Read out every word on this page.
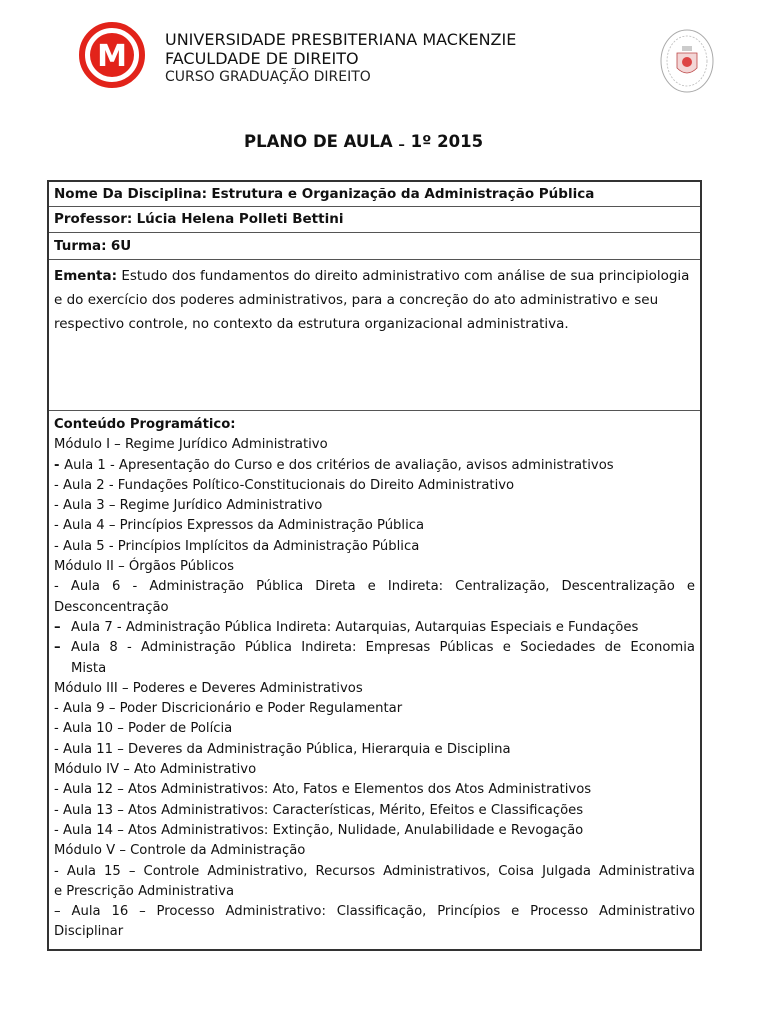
M UNIVERSIDADE PRESBITERIANA MACKENZIE
FACULDADE DE DIREITO
CURSO GRADUAÇÃO DIREITO
PLANO DE AULA – 1º 2015
Nome Da Disciplina: Estrutura e Organização da Administração Pública
Professor: Lúcia Helena Polleti Bettini
Turma: 6U
Ementa: Estudo dos fundamentos do direito administrativo com análise de sua principiologia e do exercício dos poderes administrativos, para a concreção do ato administrativo e seu respectivo controle, no contexto da estrutura organizacional administrativa.
Conteúdo Programático:
Módulo I – Regime Jurídico Administrativo
- Aula 1 - Apresentação do Curso e dos critérios de avaliação, avisos administrativos
- Aula 2 - Fundações Político-Constitucionais do Direito Administrativo
- Aula 3 – Regime Jurídico Administrativo
- Aula 4 – Princípios Expressos da Administração Pública
- Aula 5 - Princípios Implícitos da Administração Pública
Módulo II – Órgãos Públicos
- Aula 6 - Administração Pública Direta e Indireta: Centralização, Descentralização e
Desconcentração
– Aula 7 - Administração Pública Indireta: Autarquias, Autarquias Especiais e Fundações
– Aula 8 - Administração Pública Indireta: Empresas Públicas e Sociedades de Economia
Mista
Módulo III – Poderes e Deveres Administrativos
- Aula 9 – Poder Discricionário e Poder Regulamentar
- Aula 10 – Poder de Polícia
- Aula 11 – Deveres da Administração Pública, Hierarquia e Disciplina
Módulo IV – Ato Administrativo
- Aula 12 – Atos Administrativos: Ato, Fatos e Elementos dos Atos Administrativos
- Aula 13 – Atos Administrativos: Características, Mérito, Efeitos e Classificações
- Aula 14 – Atos Administrativos: Extinção, Nulidade, Anulabilidade e Revogação
Módulo V – Controle da Administração
- Aula 15 – Controle Administrativo, Recursos Administrativos, Coisa Julgada Administrativa
e Prescrição Administrativa
– Aula 16 – Processo Administrativo: Classificação, Princípios e Processo Administrativo
Disciplinar
